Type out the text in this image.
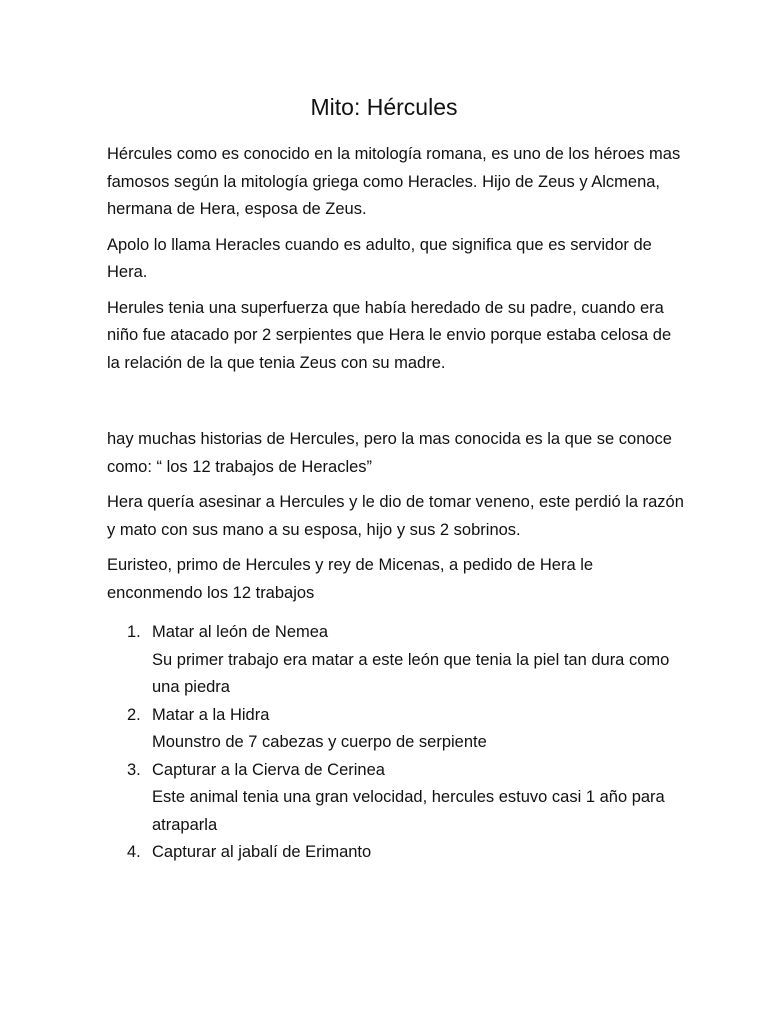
Mito: Hércules

Hércules como es conocido en la mitología romana, es uno de los héroes mas famosos según la mitología griega como Heracles. Hijo de Zeus y Alcmena, hermana de Hera, esposa de Zeus.

Apolo lo llama Heracles cuando es adulto, que significa que es servidor de Hera.

Herules tenia una superfuerza que había heredado de su padre, cuando era niño fue atacado por 2 serpientes que Hera le envio porque estaba celosa de la relación de la que tenia Zeus con su madre.

hay muchas historias de Hercules, pero la mas conocida es la que se conoce como: “ los 12 trabajos de Heracles”

Hera quería asesinar a Hercules y le dio de tomar veneno, este perdió la razón y mato con sus mano a su esposa, hijo y sus 2 sobrinos.

Euristeo, primo de Hercules y rey de Micenas, a pedido de Hera le enconmendo los 12 trabajos

1. Matar al león de Nemea
Su primer trabajo era matar a este león que tenia la piel tan dura como una piedra
2. Matar a la Hidra
Mounstro de 7 cabezas y cuerpo de serpiente
3. Capturar a la Cierva de Cerinea
Este animal tenia una gran velocidad, hercules estuvo casi 1 año para atraparla
4. Capturar al jabalí de Erimanto
